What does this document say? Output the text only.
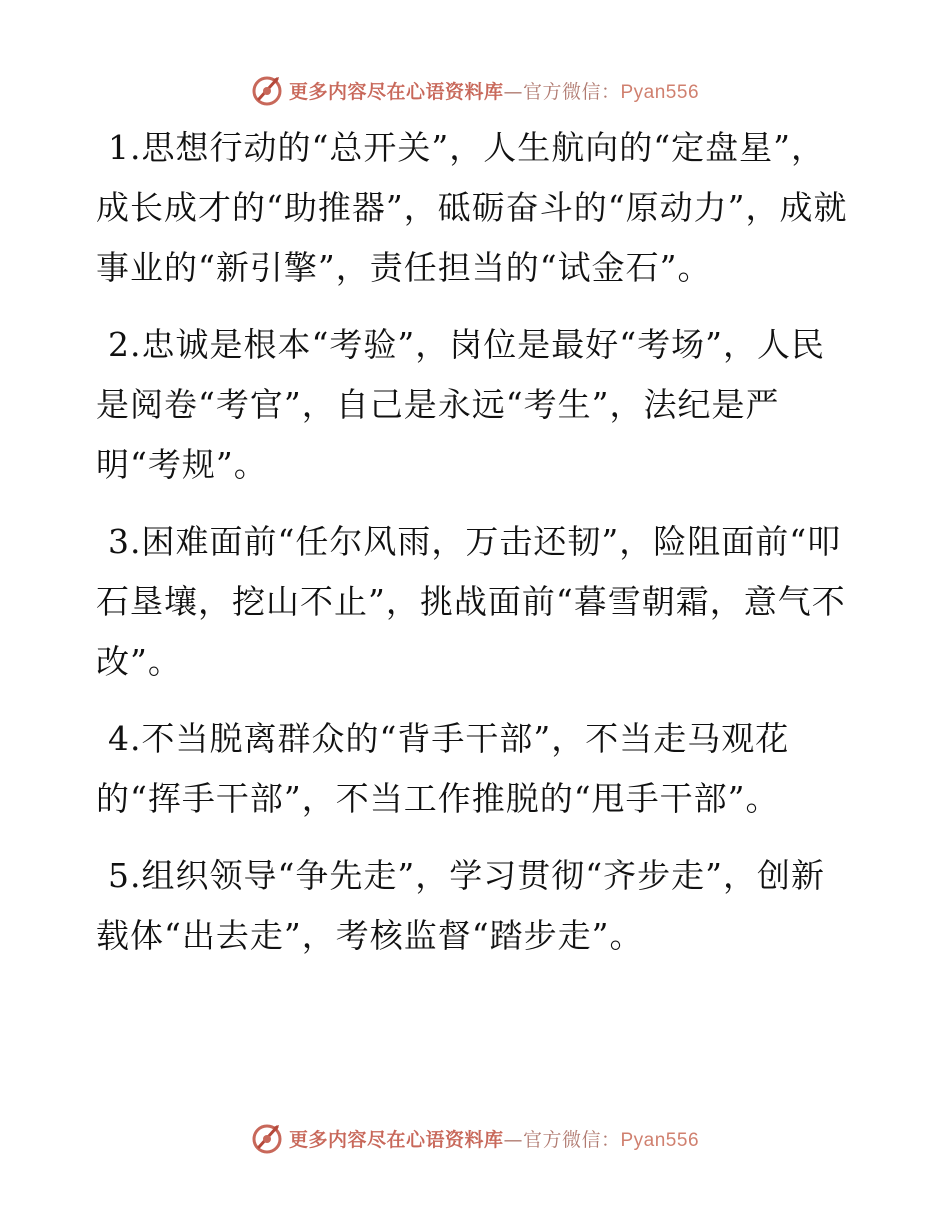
更多内容尽在心语资料库—官方微信：Pyan556

1.思想行动的“总开关”，人生航向的“定盘星”，成长成才的“助推器”，砥砺奋斗的“原动力”，成就事业的“新引擎”，责任担当的“试金石”。

2.忠诚是根本“考验”，岗位是最好“考场”，人民是阅卷“考官”，自己是永远“考生”，法纪是严明“考规”。

3.困难面前“任尔风雨，万击还韧”，险阻面前“叩石垦壤，挖山不止”，挑战面前“暮雪朝霜，意气不改”。

4.不当脱离群众的“背手干部”，不当走马观花的“挥手干部”，不当工作推脱的“甩手干部”。

5.组织领导“争先走”，学习贯彻“齐步走”，创新载体“出去走”，考核监督“踏步走”。

更多内容尽在心语资料库—官方微信：Pyan556
